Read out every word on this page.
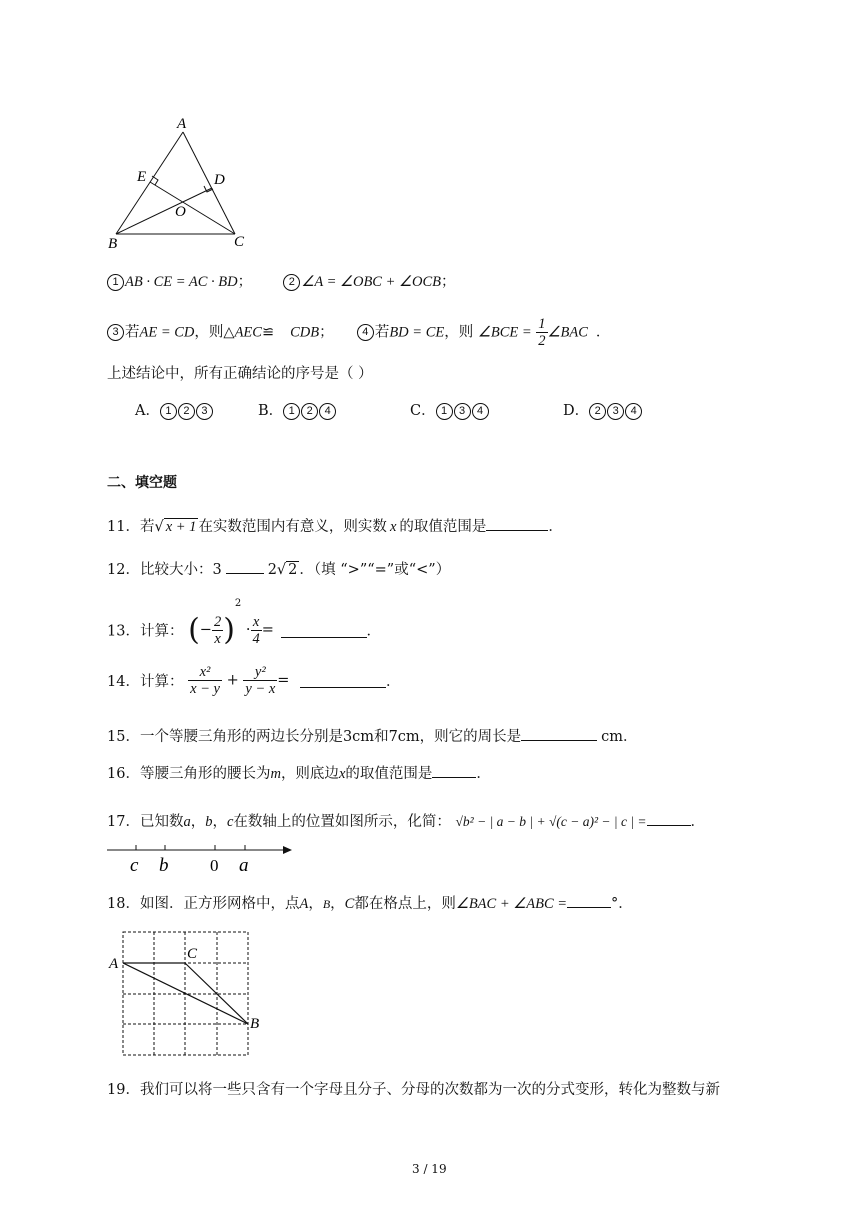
A
E	D
O
B	C
1 AB · CE = AC · BD；	2 ∠A = ∠OBC + ∠OCB；
3 若AE = CD，则△AEC≌ CDB；	4 若BD = CE，则 ∠BCE = $\frac{1}{2}$ ∠BAC ．
上述结论中，所有正确结论的序号是（ ）
A． 1 2 3	B． 1 2 4	C． 1 3 4	D． 2 3 4
二、填空题
11．若√ x + 1 在实数范围内有意义，则实数 x 的取值范围是	．
12．比较大小：3	2√ 2 ．（填 “>”“=”或“<”）
13．计算： (− $\frac{2}{x} )^2 \cdot \frac{x}{4}$ =	．
14．计算： $\frac{\text{x²}}{x - y} + \frac{\text{y²}}{y - x}$ =	．
15．一个等腰三角形的两边长分别是3cm和7cm，则它的周长是	cm．
16．等腰三角形的腰长为m，则底边x的取值范围是	．
17．已知数a，b，c在数轴上的位置如图所示，化简： √b² − | a − b | + √(c − a)² − | c | =	．
c b 0 a
18．如图．正方形网格中，点A，B，C都在格点上，则∠BAC + ∠ABC =	°．
A
C
B
19．我们可以将一些只含有一个字母且分子、分母的次数都为一次的分式变形，转化为整数与新
3 / 19
